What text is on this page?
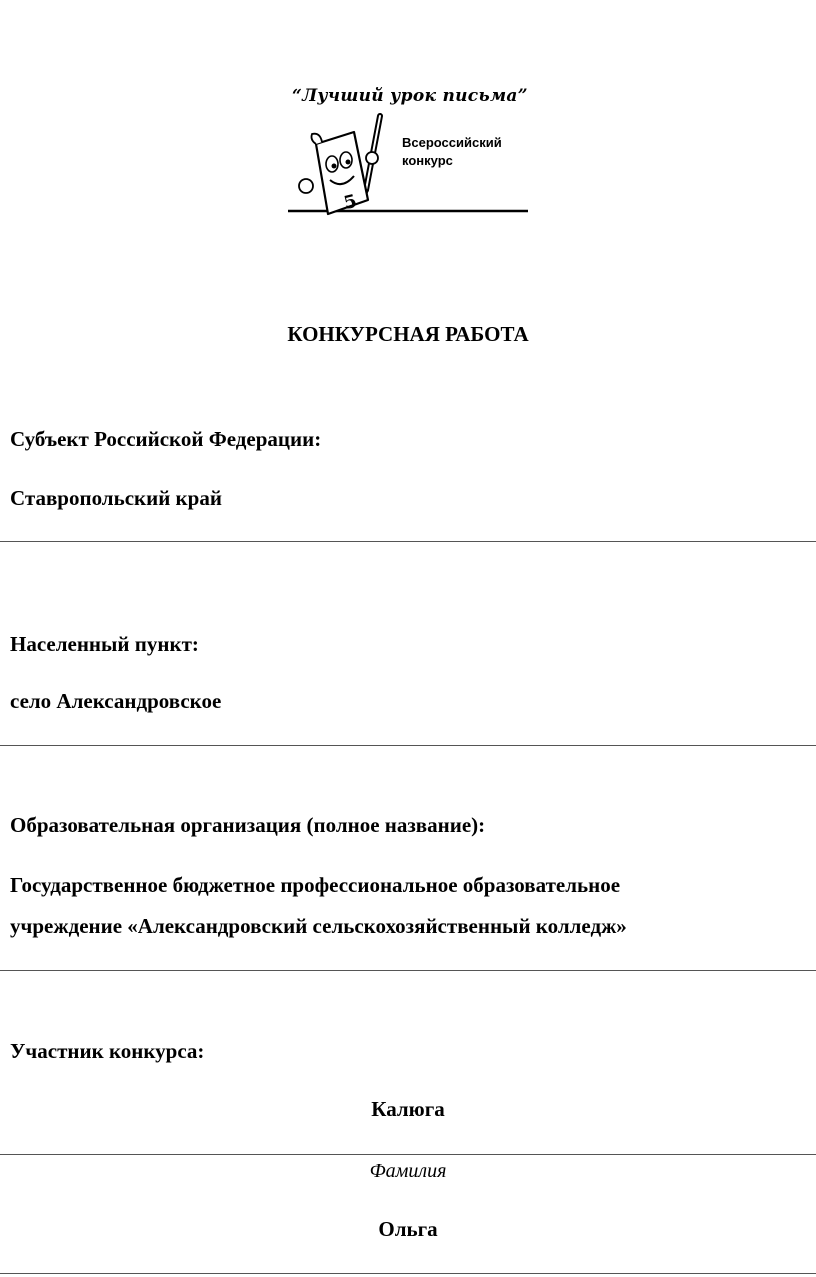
“Лучший урок письма”
5
Всероссийский
конкурс
КОНКУРСНАЯ РАБОТА
Субъект Российской Федерации:
Ставропольский край
Населенный пункт:
село Александровское
Образовательная организация (полное название):
Государственное бюджетное профессиональное образовательное
учреждение «Александровский сельскохозяйственный колледж»
Участник конкурса:
Калюга
Фамилия
Ольга
